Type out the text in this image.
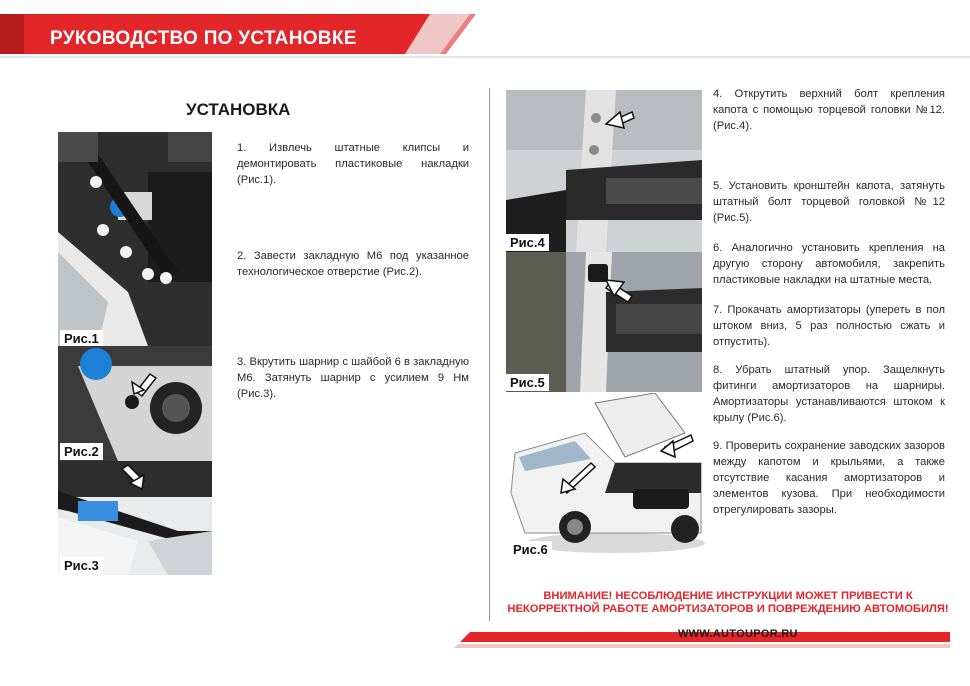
РУКОВОДСТВО ПО УСТАНОВКЕ
УСТАНОВКА
Рис.1
Рис.2
Рис.3
Рис.4
Рис.5
Рис.6
1. Извлечь штатные клипсы и демонтировать пластиковые накладки (Рис.1).
2. Завести закладную М6 под указанное технологическое отверстие (Рис.2).
3. Вкрутить шарнир с шайбой 6 в закладную М6. Затянуть шарнир с усилием 9 Нм (Рис.3).
4. Открутить верхний болт крепления капота с помощью торцевой головки №12. (Рис.4).
5. Установить кронштейн капота, затянуть штатный болт торцевой головкой №12 (Рис.5).
6. Аналогично установить крепления на другую сторону автомобиля, закрепить пластиковые накладки на штатные места.
7. Прокачать амортизаторы (упереть в пол штоком вниз, 5 раз полностью сжать и отпустить).
8. Убрать штатный упор. Защелкнуть фитинги амортизаторов на шарниры. Амортизаторы устанавливаются штоком к крылу (Рис.6).
9. Проверить сохранение заводских зазоров между капотом и крыльями, а также отсутствие касания амортизаторов и элементов кузова. При необходимости отрегулировать зазоры.
ВНИМАНИЕ! НЕСОБЛЮДЕНИЕ ИНСТРУКЦИИ МОЖЕТ ПРИВЕСТИ К НЕКОРРЕКТНОЙ РАБОТЕ АМОРТИЗАТОРОВ И ПОВРЕЖДЕНИЮ АВТОМОБИЛЯ!
WWW.AUTOUPOR.RU
